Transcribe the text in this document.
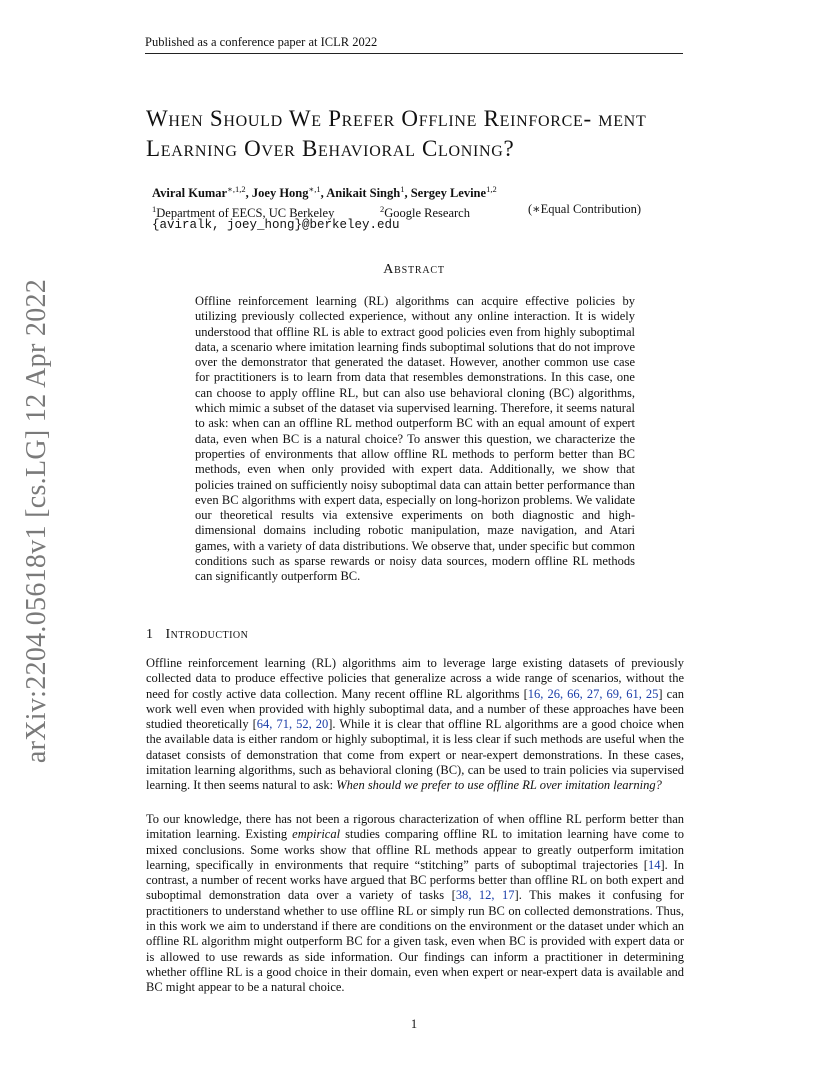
Published as a conference paper at ICLR 2022
arXiv:2204.05618v1 [cs.LG] 12 Apr 2022
When Should We Prefer Offline Reinforce- ment Learning Over Behavioral Cloning?
Aviral Kumar$^{∗,1,2}$, Joey Hong$^{∗,1}$, Anikait Singh$^1$, Sergey Levine$^{1,2}$
$^1$Department of EECS, UC Berkeley	$^2$Google Research	(∗Equal Contribution)
{aviralk, joey_hong}@berkeley.edu
Abstract
Offline reinforcement learning (RL) algorithms can acquire effective policies by utilizing previously collected experience, without any online interaction. It is widely understood that offline RL is able to extract good policies even from highly suboptimal data, a scenario where imitation learning finds suboptimal solutions that do not improve over the demonstrator that generated the dataset. However, another common use case for practitioners is to learn from data that resembles demonstrations. In this case, one can choose to apply offline RL, but can also use behavioral cloning (BC) algorithms, which mimic a subset of the dataset via supervised learning. Therefore, it seems natural to ask: when can an offline RL method outperform BC with an equal amount of expert data, even when BC is a natural choice? To answer this question, we characterize the properties of environments that allow offline RL methods to perform better than BC methods, even when only provided with expert data. Additionally, we show that policies trained on sufficiently noisy suboptimal data can attain better performance than even BC algorithms with expert data, especially on long-horizon problems. We validate our theoretical results via extensive experiments on both diagnostic and high-dimensional domains including robotic manipulation, maze navigation, and Atari games, with a variety of data distributions. We observe that, under specific but common conditions such as sparse rewards or noisy data sources, modern offline RL methods can significantly outperform BC.
1 Introduction
Offline reinforcement learning (RL) algorithms aim to leverage large existing datasets of previously collected data to produce effective policies that generalize across a wide range of scenarios, without the need for costly active data collection. Many recent offline RL algorithms [16, 26, 66, 27, 69, 61, 25] can work well even when provided with highly suboptimal data, and a number of these approaches have been studied theoretically [64, 71, 52, 20]. While it is clear that offline RL algorithms are a good choice when the available data is either random or highly suboptimal, it is less clear if such methods are useful when the dataset consists of demonstration that come from expert or near-expert demonstrations. In these cases, imitation learning algorithms, such as behavioral cloning (BC), can be used to train policies via supervised learning. It then seems natural to ask: When should we prefer to use offline RL over imitation learning?
To our knowledge, there has not been a rigorous characterization of when offline RL perform better than imitation learning. Existing empirical studies comparing offline RL to imitation learning have come to mixed conclusions. Some works show that offline RL methods appear to greatly outperform imitation learning, specifically in environments that require “stitching” parts of suboptimal trajectories [14]. In contrast, a number of recent works have argued that BC performs better than offline RL on both expert and suboptimal demonstration data over a variety of tasks [38, 12, 17]. This makes it confusing for practitioners to understand whether to use offline RL or simply run BC on collected demonstrations. Thus, in this work we aim to understand if there are conditions on the environment or the dataset under which an offline RL algorithm might outperform BC for a given task, even when BC is provided with expert data or is allowed to use rewards as side information. Our findings can inform a practitioner in determining whether offline RL is a good choice in their domain, even when expert or near-expert data is available and BC might appear to be a natural choice.
1
